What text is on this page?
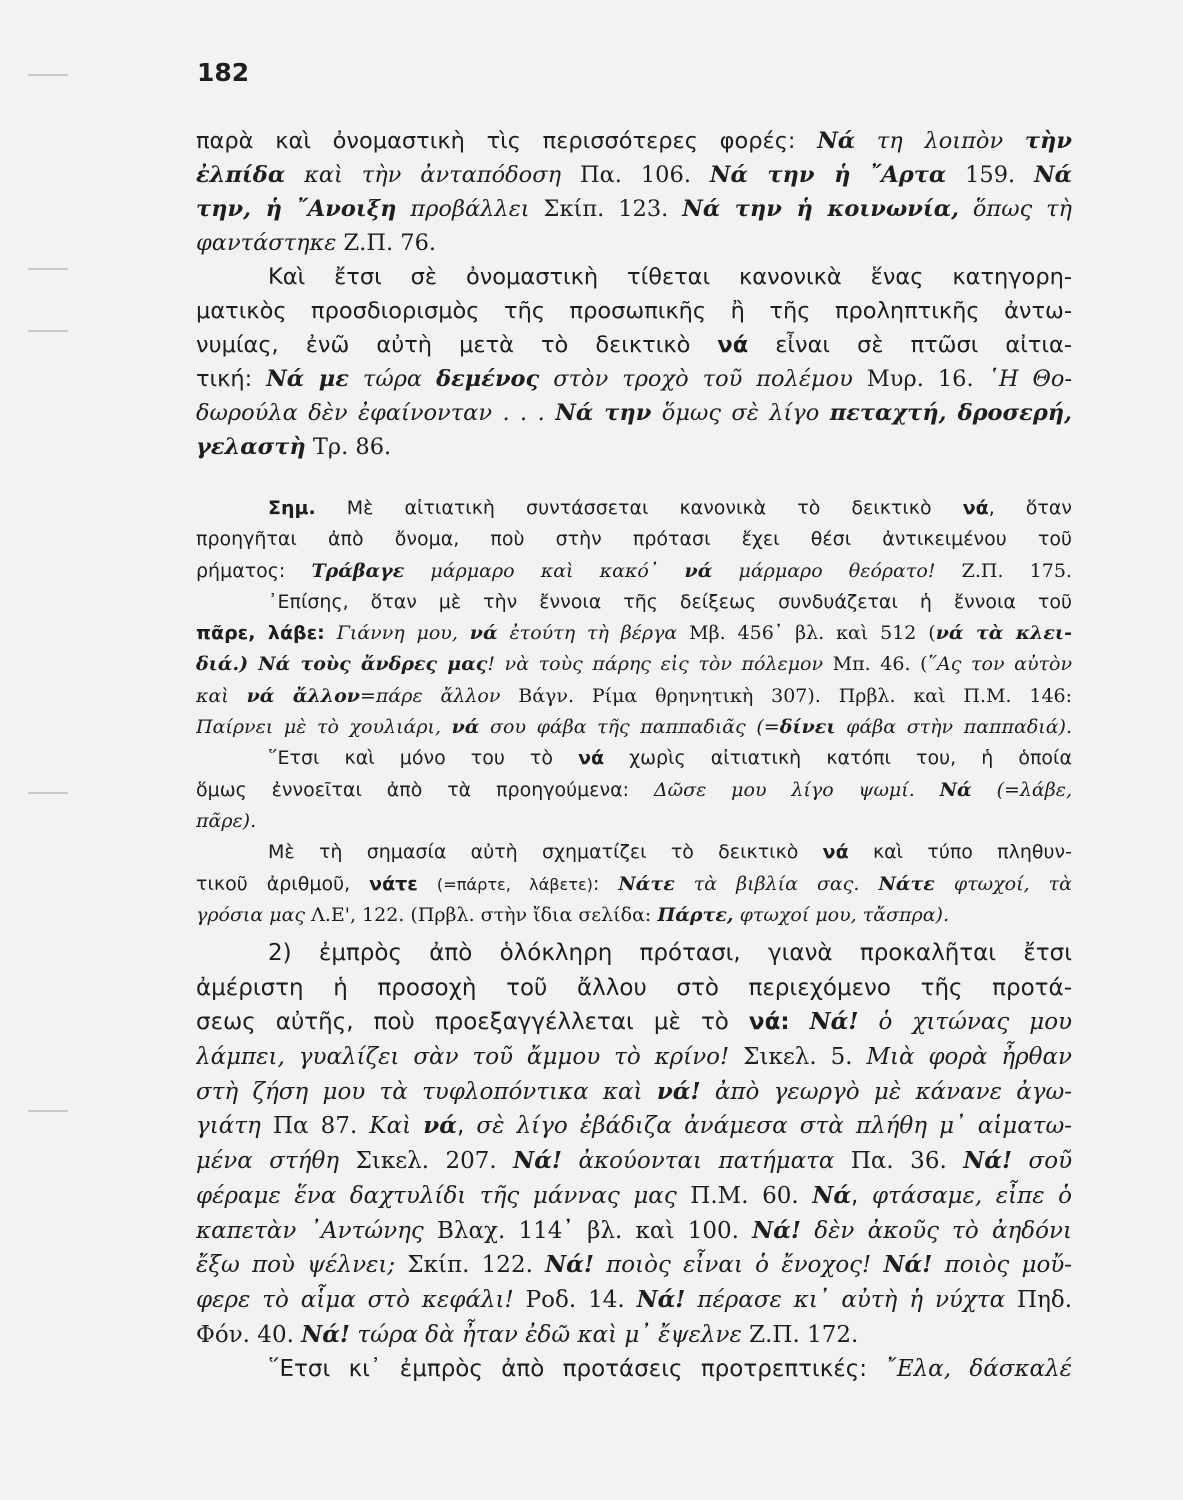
182
παρὰ καὶ ὀνομαστικὴ τὶς περισσότερες φορές: Νά τη λοιπὸν τὴν
ἐλπίδα καὶ τὴν ἀνταπόδοση Πα. 106. Νά την ἡ ῎Αρτα 159. Νά
την, ἡ ῎Ανοιξη προβάλλει Σκίπ. 123. Νά την ἡ κοινωνία, ὅπως τὴ
φαντάστηκε Ζ.Π. 76.
Καὶ ἔτσι σὲ ὀνομαστικὴ τίθεται κανονικὰ ἕνας κατηγορη-
ματικὸς προσδιορισμὸς τῆς προσωπικῆς ἢ τῆς προληπτικῆς ἀντω-
νυμίας, ἐνῶ αὐτὴ μετὰ τὸ δεικτικὸ νά εἶναι σὲ πτῶσι αἰτια-
τική: Νά με τώρα δεμένος στὸν τροχὸ τοῦ πολέμου Μυρ. 16. ῾Η Θο-
δωρούλα δὲν ἐφαίνονταν . . . Νά την ὅμως σὲ λίγο πεταχτή, δροσερή,
γελαστὴ Τρ. 86.
Σημ. Μὲ αἰτιατικὴ συντάσσεται κανονικὰ τὸ δεικτικὸ νά, ὅταν
προηγῆται ἀπὸ ὄνομα, ποὺ στὴν πρότασι ἔχει θέσι ἀντικειμένου τοῦ
ρήματος: Τράβαγε μάρμαρο καὶ κακό᾿ νά μάρμαρο θεόρατο! Ζ.Π. 175.
᾿Επίσης, ὅταν μὲ τὴν ἔννοια τῆς δείξεως συνδυάζεται ἡ ἔννοια τοῦ
πᾶρε, λάβε: Γιάννη μου, νά ἐτούτη τὴ βέργα Μβ. 456᾿ βλ. καὶ 512 (νά τὰ κλει-
διά.) Νά τοὺς ἄνδρες μας! νὰ τοὺς πάρης εἰς τὸν πόλεμον Μπ. 46. (῞Ας τον αὐτὸν
καὶ νά ἄλλον=πάρε ἄλλον Βάγν. Ρίμα θρηνητικὴ 307). Πρβλ. καὶ Π.Μ. 146:
Παίρνει μὲ τὸ χουλιάρι, νά σου φάβα τῆς παππαδιᾶς (=δίνει φάβα στὴν παππαδιά).
῞Ετσι καὶ μόνο του τὸ νά χωρὶς αἰτιατικὴ κατόπι του, ἡ ὁποία
ὅμως ἐννοεῖται ἀπὸ τὰ προηγούμενα: Δῶσε μου λίγο ψωμί. Νά (=λάβε,
πᾶρε).
Μὲ τὴ σημασία αὐτὴ σχηματίζει τὸ δεικτικὸ νά καὶ τύπο πληθυν-
τικοῦ ἀριθμοῦ, νάτε (=πάρτε, λάβετε): Νάτε τὰ βιβλία σας. Νάτε φτωχοί, τὰ
γρόσια μας Λ.Ε', 122. (Πρβλ. στὴν ἴδια σελίδα: Πάρτε, φτωχοί μου, τἄσπρα).
2) ἐμπρὸς ἀπὸ ὁλόκληρη πρότασι, γιανὰ προκαλῆται ἔτσι
ἀμέριστη ἡ προσοχὴ τοῦ ἄλλου στὸ περιεχόμενο τῆς προτά-
σεως αὐτῆς, ποὺ προεξαγγέλλεται μὲ τὸ νά: Νά! ὁ χιτώνας μου
λάμπει, γυαλίζει σὰν τοῦ ἄμμου τὸ κρίνο! Σικελ. 5. Μιὰ φορὰ ἦρθαν
στὴ ζήση μου τὰ τυφλοπόντικα καὶ νά! ἀπὸ γεωργὸ μὲ κάνανε ἀγω-
γιάτη Πα 87. Καὶ νά, σὲ λίγο ἐβάδιζα ἀνάμεσα στὰ πλήθη μ᾿ αἱματω-
μένα στήθη Σικελ. 207. Νά! ἀκούονται πατήματα Πα. 36. Νά! σοῦ
φέραμε ἕνα δαχτυλίδι τῆς μάννας μας Π.Μ. 60. Νά, φτάσαμε, εἶπε ὁ
καπετὰν ᾿Αντώνης Βλαχ. 114᾿ βλ. καὶ 100. Νά! δὲν ἀκοῦς τὸ ἀηδόνι
ἔξω ποὺ ψέλνει; Σκίπ. 122. Νά! ποιὸς εἶναι ὁ ἔνοχος! Νά! ποιὸς μοὔ-
φερε τὸ αἷμα στὸ κεφάλι! Ροδ. 14. Νά! πέρασε κι᾿ αὐτὴ ἡ νύχτα Πηδ.
Φόν. 40. Νά! τώρα δὰ ἦταν ἐδῶ καὶ μ᾿ ἔψελνε Ζ.Π. 172.
῞Ετσι κι᾿ ἐμπρὸς ἀπὸ προτάσεις προτρεπτικές: ῎Ελα, δάσκαλέ
